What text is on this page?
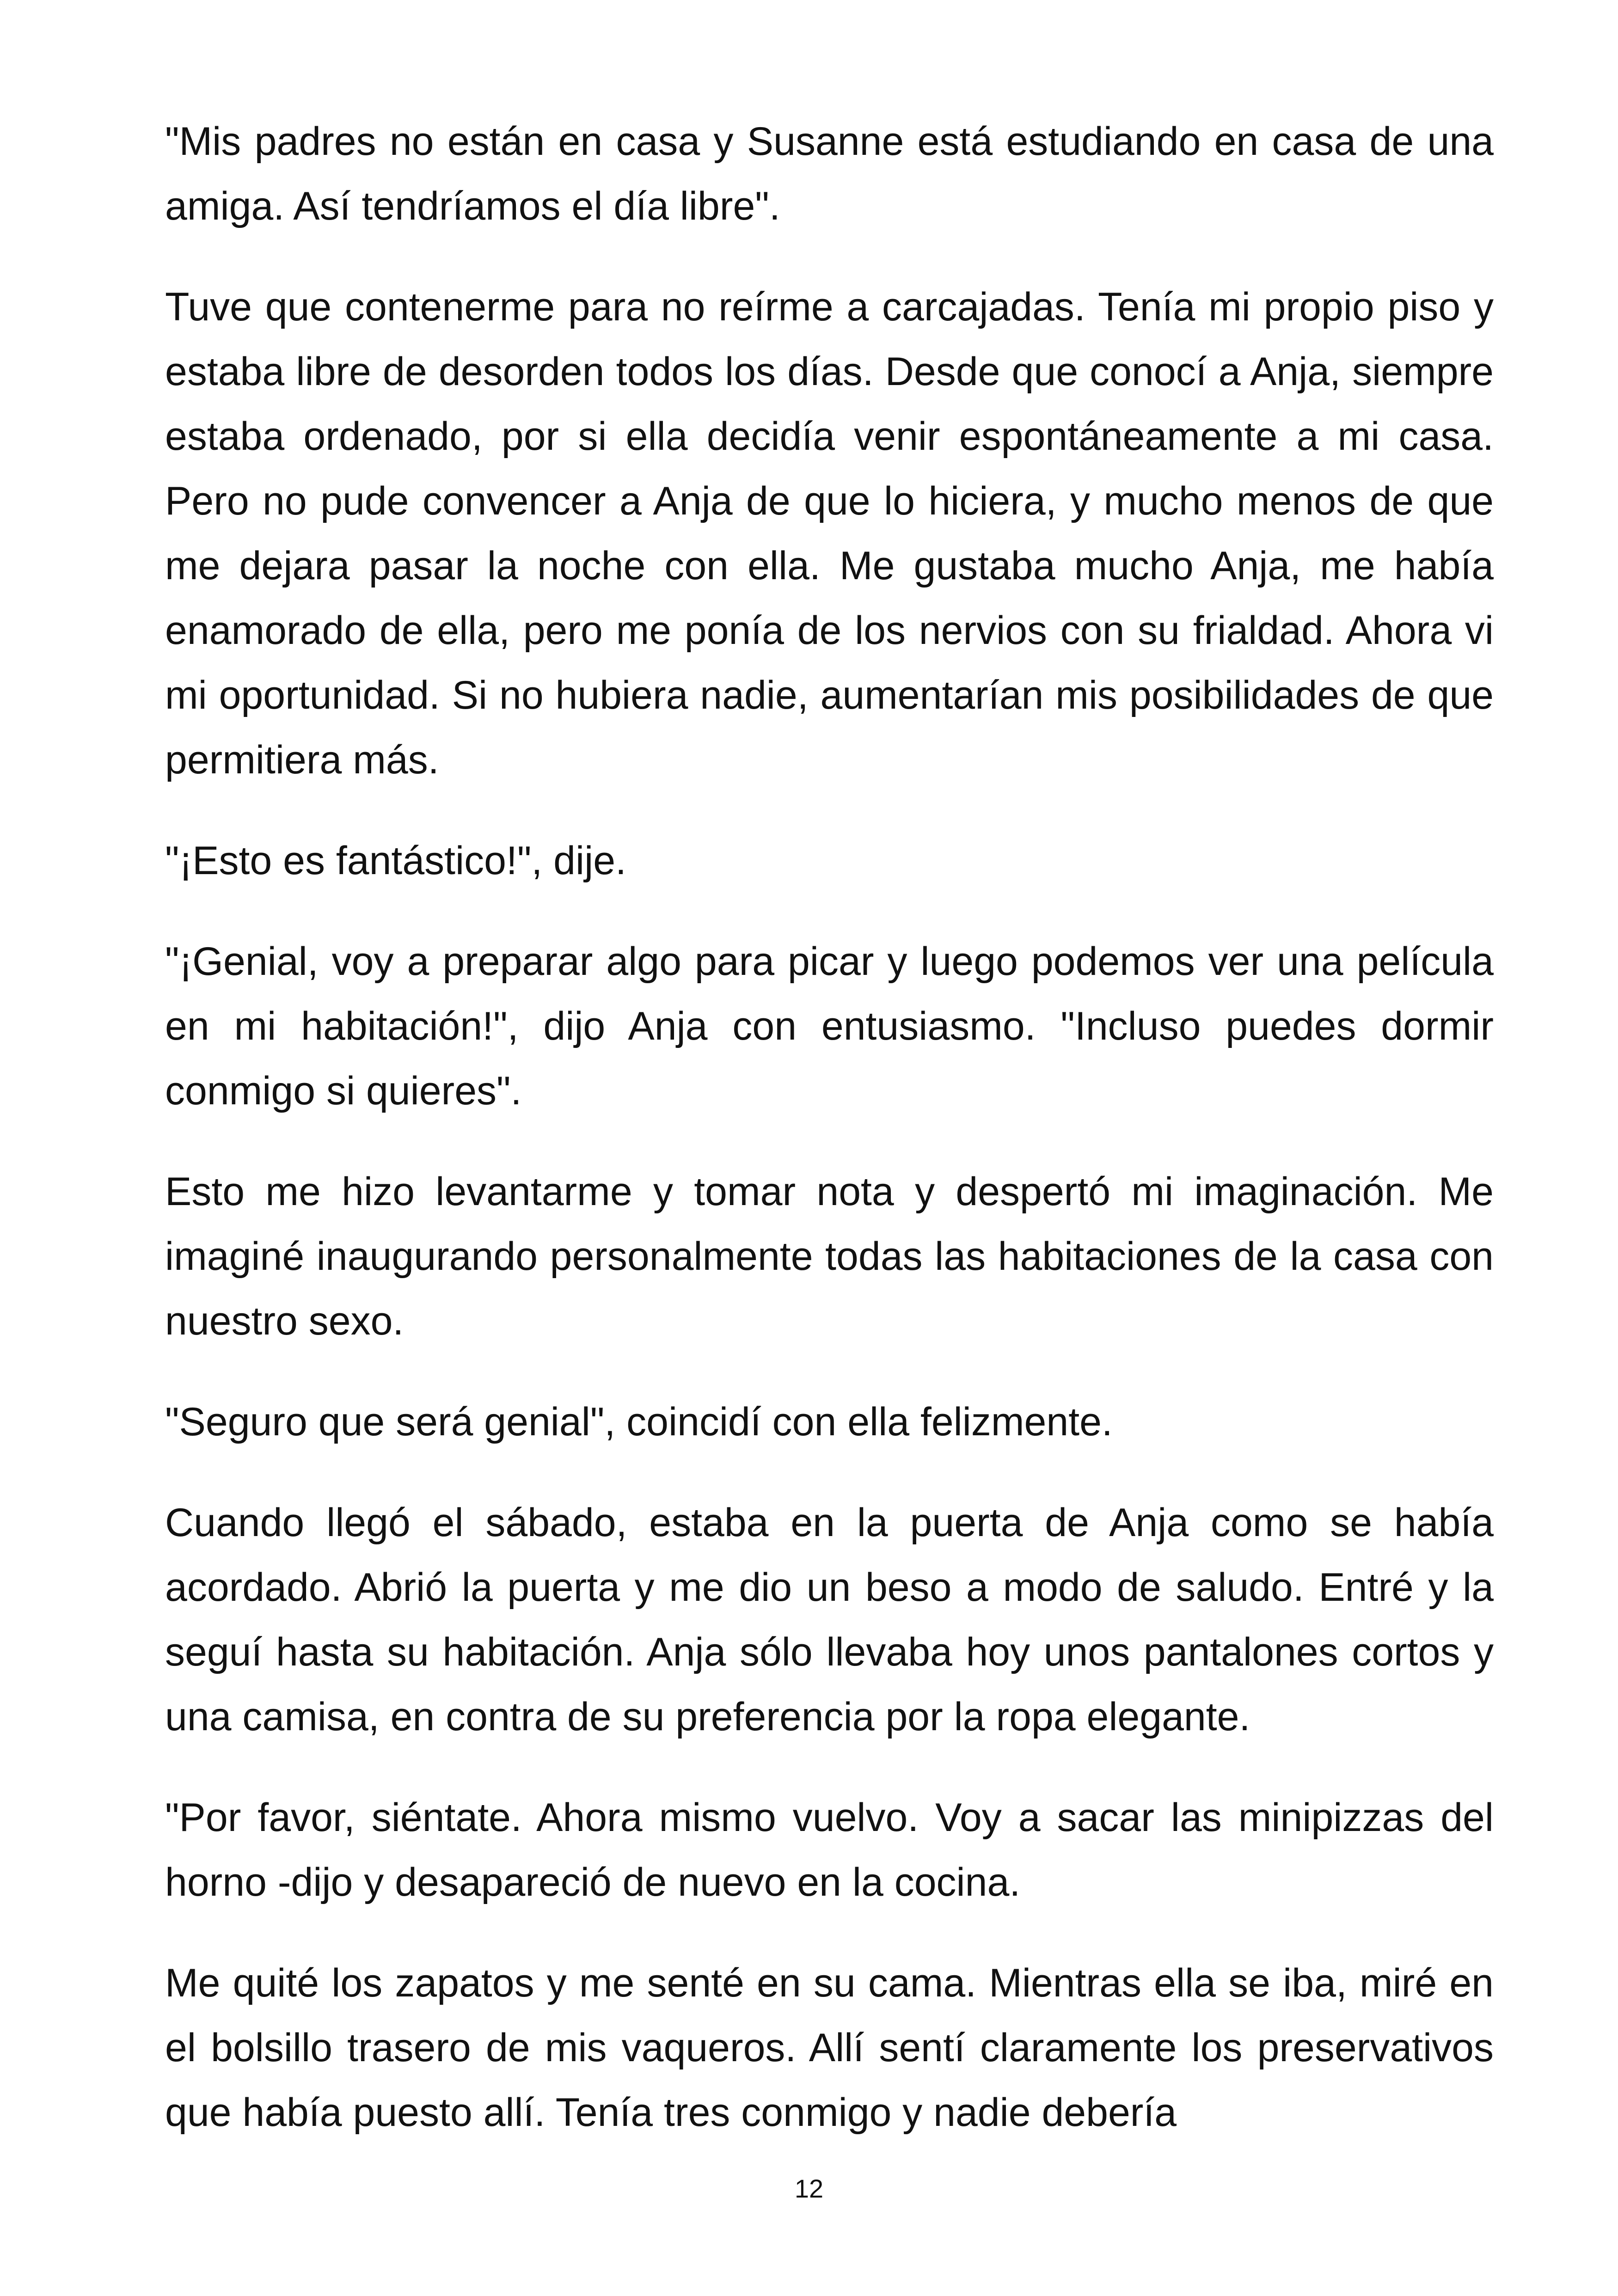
"Mis padres no están en casa y Susanne está estudiando en casa de una amiga. Así tendríamos el día libre".

Tuve que contenerme para no reírme a carcajadas. Tenía mi propio piso y estaba libre de desorden todos los días. Desde que conocí a Anja, siempre estaba ordenado, por si ella decidía venir espontáneamente a mi casa. Pero no pude convencer a Anja de que lo hiciera, y mucho menos de que me dejara pasar la noche con ella. Me gustaba mucho Anja, me había enamorado de ella, pero me ponía de los nervios con su frialdad. Ahora vi mi oportunidad. Si no hubiera nadie, aumentarían mis posibilidades de que permitiera más.

"¡Esto es fantástico!", dije.

"¡Genial, voy a preparar algo para picar y luego podemos ver una película en mi habitación!", dijo Anja con entusiasmo. "Incluso puedes dormir conmigo si quieres".

Esto me hizo levantarme y tomar nota y despertó mi imaginación. Me imaginé inaugurando personalmente todas las habitaciones de la casa con nuestro sexo.

"Seguro que será genial", coincidí con ella felizmente.

Cuando llegó el sábado, estaba en la puerta de Anja como se había acordado. Abrió la puerta y me dio un beso a modo de saludo. Entré y la seguí hasta su habitación. Anja sólo llevaba hoy unos pantalones cortos y una camisa, en contra de su preferencia por la ropa elegante.

"Por favor, siéntate. Ahora mismo vuelvo. Voy a sacar las minipizzas del horno -dijo y desapareció de nuevo en la cocina.

Me quité los zapatos y me senté en su cama. Mientras ella se iba, miré en el bolsillo trasero de mis vaqueros. Allí sentí claramente los preservativos que había puesto allí. Tenía tres conmigo y nadie debería

12
